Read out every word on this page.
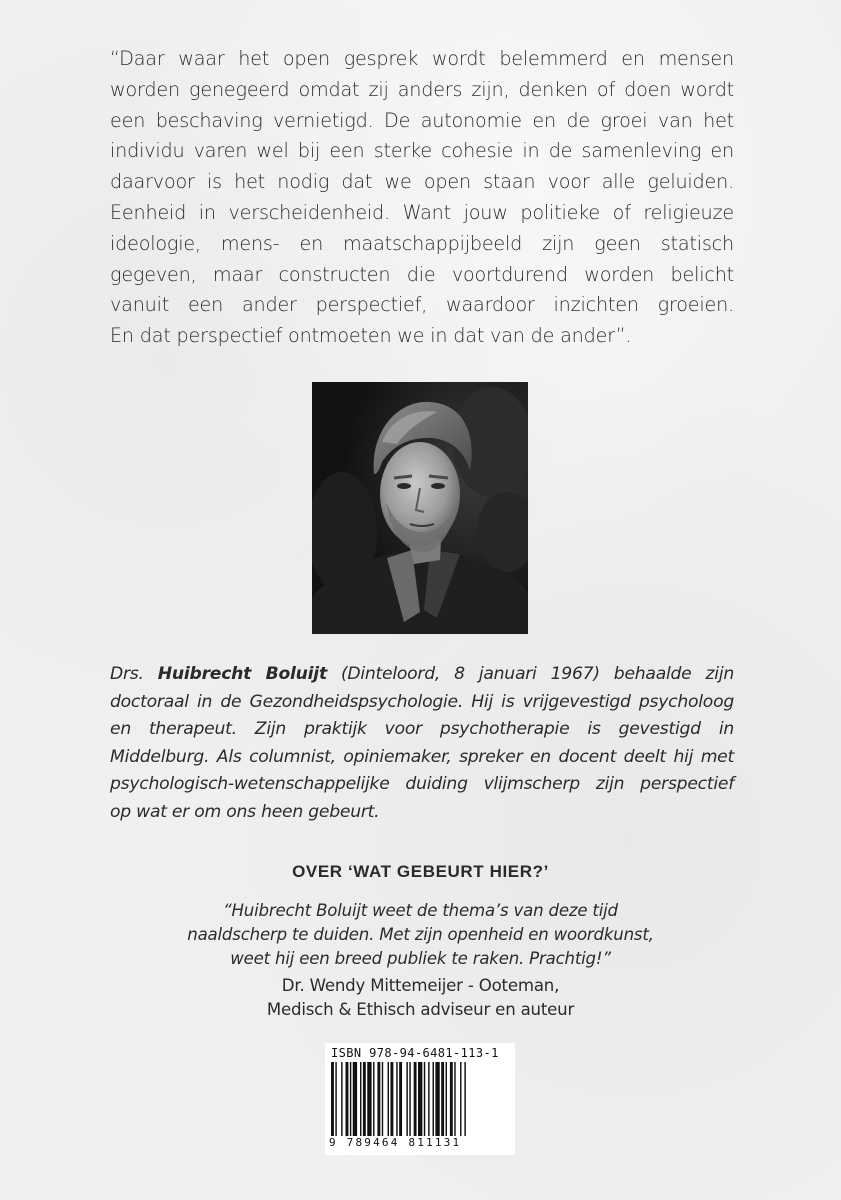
“Daar waar het open gesprek wordt belemmerd en mensen
worden genegeerd omdat zij anders zijn, denken of doen wordt
een beschaving vernietigd. De autonomie en de groei van het
individu varen wel bij een sterke cohesie in de samenleving en
daarvoor is het nodig dat we open staan voor alle geluiden.
Eenheid in verscheidenheid. Want jouw politieke of religieuze
ideologie, mens- en maatschappijbeeld zijn geen statisch
gegeven, maar constructen die voortdurend worden belicht
vanuit een ander perspectief, waardoor inzichten groeien.
En dat perspectief ontmoeten we in dat van de ander”.

Drs. Huibrecht Boluijt (Dinteloord, 8 januari 1967) behaalde zijn
doctoraal in de Gezondheidspsychologie. Hij is vrijgevestigd psycholoog
en therapeut. Zijn praktijk voor psychotherapie is gevestigd in
Middelburg. Als columnist, opiniemaker, spreker en docent deelt hij met
psychologisch-wetenschappelijke duiding vlijmscherp zijn perspectief
op wat er om ons heen gebeurt.
OVER ‘WAT GEBEURT HIER?’
“Huibrecht Boluijt weet de thema’s van deze tijd
naaldscherp te duiden. Met zijn openheid en woordkunst,
weet hij een breed publiek te raken. Prachtig!”
Dr. Wendy Mittemeijer - Ooteman,
Medisch & Ethisch adviseur en auteur
ISBN 978-94-6481-113-1
9 789464 811131
